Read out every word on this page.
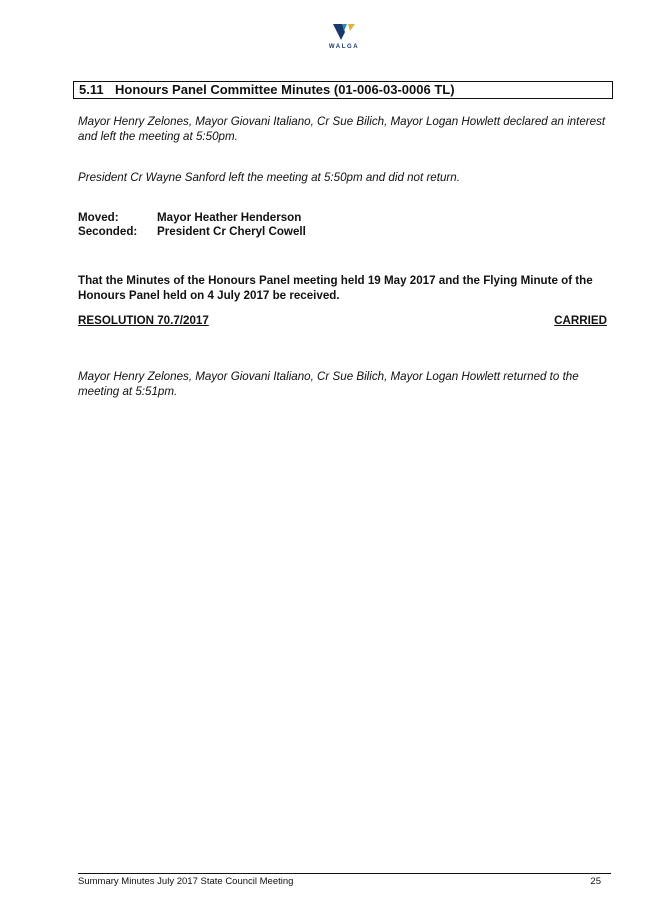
WALGA
5.11 Honours Panel Committee Minutes (01-006-03-0006 TL)
Mayor Henry Zelones, Mayor Giovani Italiano, Cr Sue Bilich, Mayor Logan Howlett declared an interest and left the meeting at 5:50pm.
President Cr Wayne Sanford left the meeting at 5:50pm and did not return.
Moved:	Mayor Heather Henderson
Seconded: President Cr Cheryl Cowell
That the Minutes of the Honours Panel meeting held 19 May 2017 and the Flying Minute of the Honours Panel held on 4 July 2017 be received.
RESOLUTION 70.7/2017	CARRIED
Mayor Henry Zelones, Mayor Giovani Italiano, Cr Sue Bilich, Mayor Logan Howlett returned to the meeting at 5:51pm.
Summary Minutes July 2017 State Council Meeting	25
